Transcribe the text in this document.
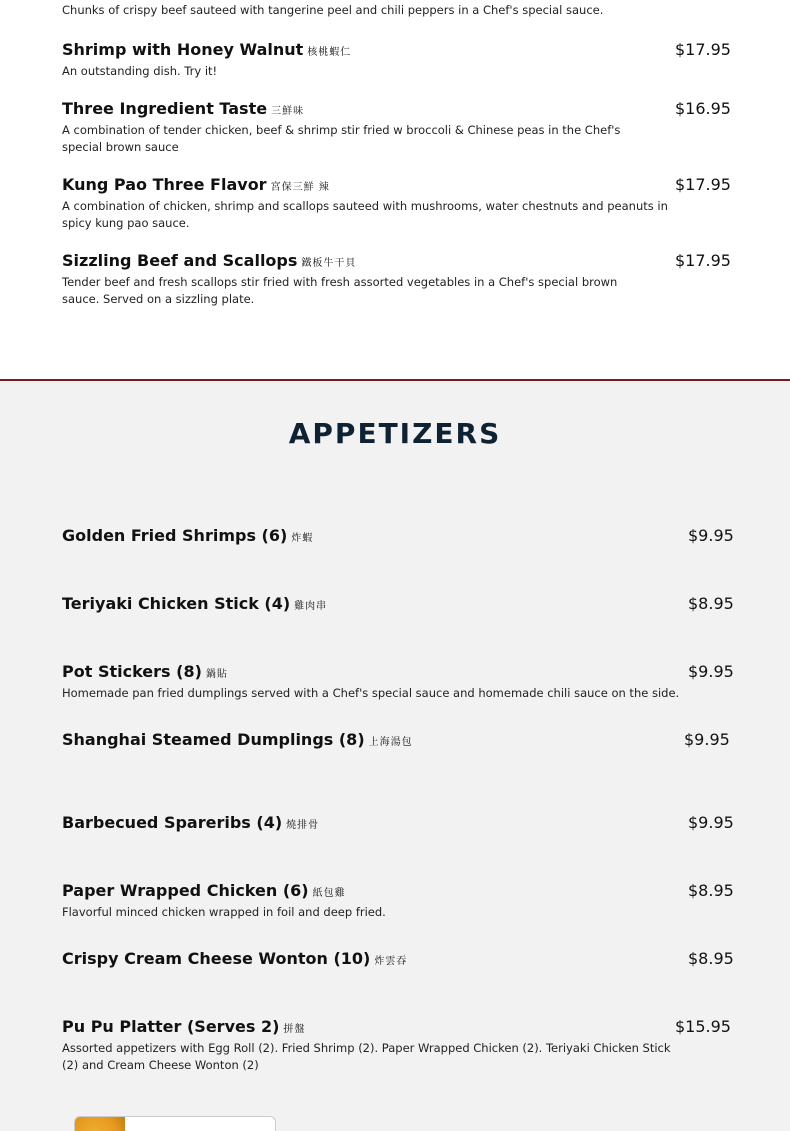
Chunks of crispy beef sauteed with tangerine peel and chili peppers in a Chef's special sauce.
Shrimp with Honey Walnut 核桃蝦仁	$17.95
An outstanding dish. Try it!
Three Ingredient Taste 三鮮味	$16.95
A combination of tender chicken, beef & shrimp stir fried w broccoli & Chinese peas in the Chef's special brown sauce
Kung Pao Three Flavor 宮保三鮮 辣	$17.95
A combination of chicken, shrimp and scallops sauteed with mushrooms, water chestnuts and peanuts in spicy kung pao sauce.
Sizzling Beef and Scallops 鐵板牛干貝	$17.95
Tender beef and fresh scallops stir fried with fresh assorted vegetables in a Chef's special brown sauce. Served on a sizzling plate.
APPETIZERS
Golden Fried Shrimps (6) 炸蝦	$9.95
Teriyaki Chicken Stick (4) 雞肉串	$8.95
Pot Stickers (8) 鍋貼	$9.95
Homemade pan fried dumplings served with a Chef's special sauce and homemade chili sauce on the side.
Shanghai Steamed Dumplings (8) 上海湯包	$9.95
Barbecued Spareribs (4) 燒排骨	$9.95
Paper Wrapped Chicken (6) 紙包雞	$8.95
Flavorful minced chicken wrapped in foil and deep fried.
Crispy Cream Cheese Wonton (10) 炸雲吞	$8.95
Pu Pu Platter (Serves 2) 拼盤	$15.95
Assorted appetizers with Egg Roll (2). Fried Shrimp (2). Paper Wrapped Chicken (2). Teriyaki Chicken Stick (2) and Cream Cheese Wonton (2)
